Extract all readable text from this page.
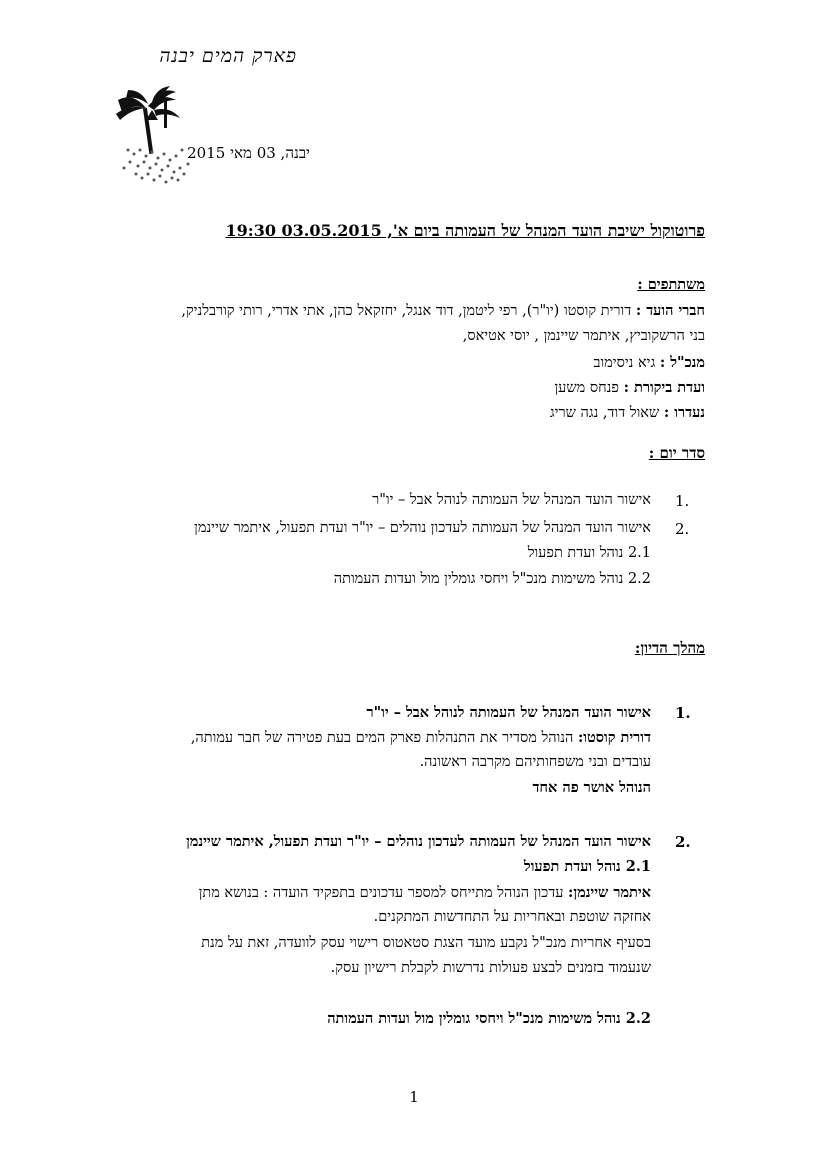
פארק המים יבנה
יבנה, 03 מאי 2015
פרוטוקול ישיבת הועד המנהל של העמותה ביום א', 03.05.2015 19:30
משתתפים :
חברי הועד : דורית קוסטו (יו"ר), רפי ליטמן, דוד אנגל, יחזקאל כהן, אתי אדרי, רותי קורבלניק,
בני הרשקוביץ, איתמר שיינמן , יוסי אטיאס,
מנכ"ל : גיא ניסימוב
ועדת ביקורת : פנחס משען
נעדרו : שאול דוד, נגה שריג
סדר יום :
1.
אישור הועד המנהל של העמותה לנוהל אבל – יו"ר
2.
אישור הועד המנהל של העמותה לעדכון נוהלים – יו"ר ועדת תפעול, איתמר שיינמן
2.1 נוהל ועדת תפעול
2.2 נוהל משימות מנכ"ל ויחסי גומלין מול ועדות העמותה
מהלך הדיון:
1.
אישור הועד המנהל של העמותה לנוהל אבל – יו"ר
דורית קוסטו: הנוהל מסדיר את התנהלות פארק המים בעת פטירה של חבר עמותה,
עובדים ובני משפחותיהם מקרבה ראשונה.
הנוהל אושר פה אחד
2.
אישור הועד המנהל של העמותה לעדכון נוהלים – יו"ר ועדת תפעול, איתמר שיינמן
2.1 נוהל ועדת תפעול
איתמר שיינמן: עדכון הנוהל מתייחס למספר עדכונים בתפקיד הועדה : בנושא מתן
אחזקה שוטפת ובאחריות על התחדשות המתקנים.
בסעיף אחריות מנכ"ל נקבע מועד הצגת סטאטוס רישוי עסק לוועדה, זאת על מנת
שנעמוד בזמנים לבצע פעולות נדרשות לקבלת רישיון עסק.
2.2 נוהל משימות מנכ"ל ויחסי גומלין מול ועדות העמותה
1
